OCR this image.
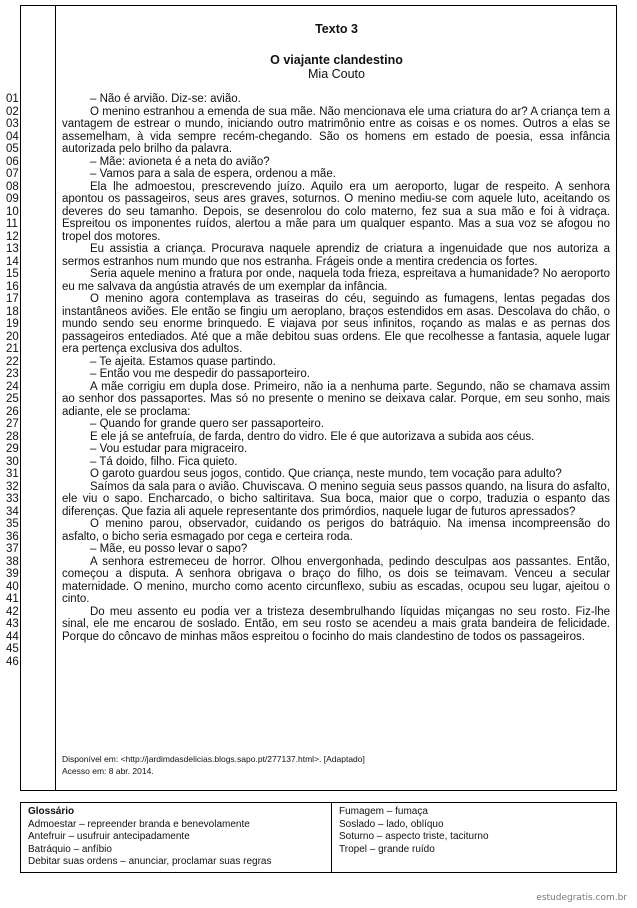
Texto 3
O viajante clandestino
Mia Couto
01
02
03
04
05
06
07
08
09
10
11
12
13
14
15
16
17
18
19
20
21
22
23
24
25
26
27
28
29
30
31
32
33
34
35
36
37
38
39
40
41
42
43
44
45
46

– Não é arvião. Diz-se: avião.

O menino estranhou a emenda de sua mãe. Não mencionava ele uma criatura do ar? A criança tem a vantagem de estrear o mundo, iniciando outro matrimônio entre as coisas e os nomes. Outros a elas se assemelham, à vida sempre recém-chegando. São os homens em estado de poesia, essa infância autorizada pelo brilho da palavra.

– Mãe: avioneta é a neta do avião?

– Vamos para a sala de espera, ordenou a mãe.

Ela lhe admoestou, prescrevendo juízo. Aquilo era um aeroporto, lugar de respeito. A senhora apontou os passageiros, seus ares graves, soturnos. O menino mediu-se com aquele luto, aceitando os deveres do seu tamanho. Depois, se desenrolou do colo materno, fez sua a sua mão e foi à vidraça. Espreitou os imponentes ruídos, alertou a mãe para um qualquer espanto. Mas a sua voz se afogou no tropel dos motores.

Eu assistia a criança. Procurava naquele aprendiz de criatura a ingenuidade que nos autoriza a sermos estranhos num mundo que nos estranha. Frágeis onde a mentira credencia os fortes.

Seria aquele menino a fratura por onde, naquela toda frieza, espreitava a humanidade? No aeroporto eu me salvava da angústia através de um exemplar da infância.

O menino agora contemplava as traseiras do céu, seguindo as fumagens, lentas pegadas dos instantâneos aviões. Ele então se fingiu um aeroplano, braços estendidos em asas. Descolava do chão, o mundo sendo seu enorme brinquedo. E viajava por seus infinitos, roçando as malas e as pernas dos passageiros entediados. Até que a mãe debitou suas ordens. Ele que recolhesse a fantasia, aquele lugar era pertença exclusiva dos adultos.

– Te ajeita. Estamos quase partindo.

– Então vou me despedir do passaporteiro.

A mãe corrigiu em dupla dose. Primeiro, não ia a nenhuma parte. Segundo, não se chamava assim ao senhor dos passaportes. Mas só no presente o menino se deixava calar. Porque, em seu sonho, mais adiante, ele se proclama:

– Quando for grande quero ser passaporteiro.

E ele já se antefruía, de farda, dentro do vidro. Ele é que autorizava a subida aos céus.

– Vou estudar para migraceiro.

– Tá doido, filho. Fica quieto.

O garoto guardou seus jogos, contido. Que criança, neste mundo, tem vocação para adulto?

Saímos da sala para o avião. Chuviscava. O menino seguia seus passos quando, na lisura do asfalto, ele viu o sapo. Encharcado, o bicho saltiritava. Sua boca, maior que o corpo, traduzia o espanto das diferenças. Que fazia ali aquele representante dos primórdios, naquele lugar de futuros apressados?

O menino parou, observador, cuidando os perigos do batráquio. Na imensa incompreensão do asfalto, o bicho seria esmagado por cega e certeira roda.

– Mãe, eu posso levar o sapo?

A senhora estremeceu de horror. Olhou envergonhada, pedindo desculpas aos passantes. Então, começou a disputa. A senhora obrigava o braço do filho, os dois se teimavam. Venceu a secular maternidade. O menino, murcho como acento circunflexo, subiu as escadas, ocupou seu lugar, ajeitou o cinto.

Do meu assento eu podia ver a tristeza desembrulhando líquidas miçangas no seu rosto. Fiz-lhe sinal, ele me encarou de soslado. Então, em seu rosto se acendeu a mais grata bandeira de felicidade. Porque do côncavo de minhas mãos espreitou o focinho do mais clandestino de todos os passageiros.

Disponível em: <http://jardimdasdelicias.blogs.sapo.pt/277137.html>. [Adaptado]
Acesso em: 8 abr. 2014.
Glossário
Admoestar – repreender branda e benevolamente
Antefruir – usufruir antecipadamente
Batráquio – anfíbio
Debitar suas ordens – anunciar, proclamar suas regras
Fumagem – fumaça
Soslado – lado, oblíquo
Soturno – aspecto triste, taciturno
Tropel – grande ruído
estudegratis.com.br
